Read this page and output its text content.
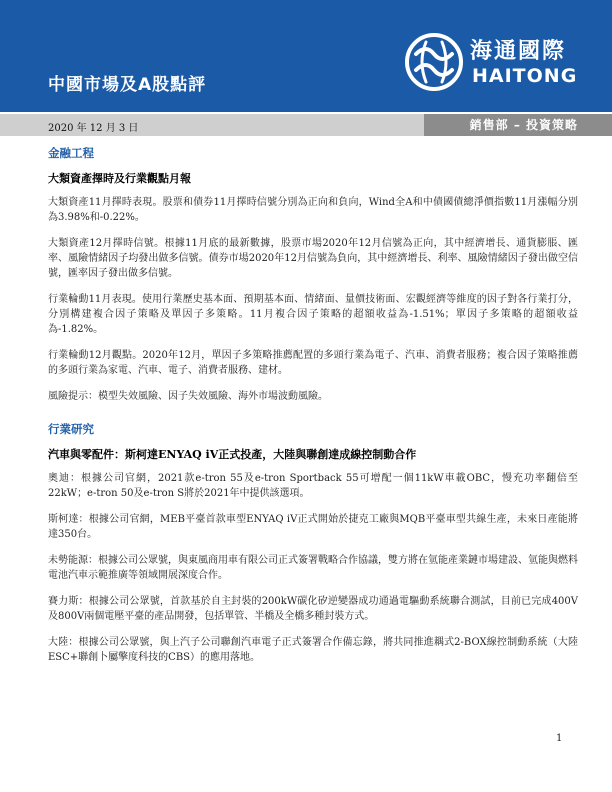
中國市場及A股點評
海通國際
HAITONG
2020 年 12 月 3 日	銷售部 – 投資策略
金融工程
大類資產擇時及行業觀點月報

大類資產11月擇時表現。股票和債券11月擇時信號分別為正向和負向，Wind全A和中債國債總淨價指數11月漲幅分別為3.98%和-0.22%。

大類資產12月擇時信號。根據11月底的最新數據，股票市場2020年12月信號為正向，其中經濟增長、通貨膨脹、匯率、風險情緒因子均發出做多信號。債券市場2020年12月信號為負向，其中經濟增長、利率、風險情緒因子發出做空信號，匯率因子發出做多信號。

行業輪動11月表現。使用行業歷史基本面、預期基本面、情緒面、量價技術面、宏觀經濟等維度的因子對各行業打分，分別構建複合因子策略及單因子多策略。11月複合因子策略的超額收益為-1.51%；單因子多策略的超額收益為-1.82%。

行業輪動12月觀點。2020年12月，單因子多策略推薦配置的多頭行業為電子、汽車、消費者服務；複合因子策略推薦的多頭行業為家電、汽車、電子、消費者服務、建材。

風險提示：模型失效風險、因子失效風險、海外市場波動風險。

行業研究
汽車與零配件：斯柯達ENYAQ iV正式投產，大陸與聯創達成線控制動合作

奧迪：根據公司官網，2021款e-tron 55及e-tron Sportback 55可增配一個11kW車載OBC，慢充功率翻倍至22kW；e-tron 50及e-tron S將於2021年中提供該選項。

斯柯達：根據公司官網，MEB平臺首款車型ENYAQ iV正式開始於捷克工廠與MQB平臺車型共線生產，未來日產能將達350台。

未勢能源：根據公司公眾號，與東風商用車有限公司正式簽署戰略合作協議，雙方將在氫能產業鏈市場建設、氫能與燃料電池汽車示範推廣等領域開展深度合作。

賽力斯：根據公司公眾號，首款基於自主封裝的200kW碳化矽逆變器成功通過電驅動系統聯合測試，目前已完成400V及800V兩個電壓平臺的產品開發，包括單管、半橋及全橋多種封裝方式。

大陸：根據公司公眾號，與上汽子公司聯創汽車電子正式簽署合作備忘錄，將共同推進耦式2-BOX線控制動系統（大陸ESC+聯創卜屬擎度科技的CBS）的應用落地。

1
